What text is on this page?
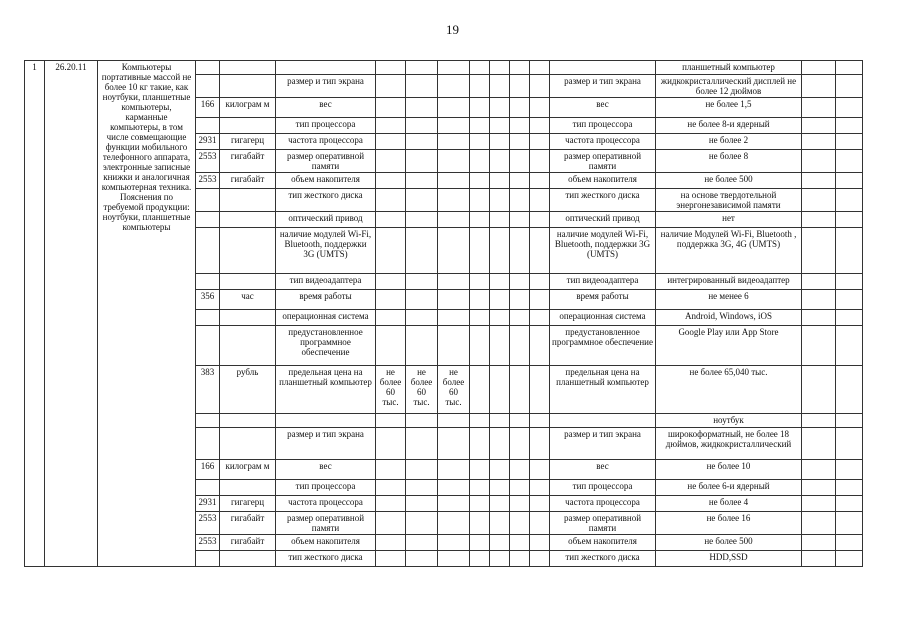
19
1	26.20.11	Компьютеры портативные массой не более 10 кг такие, как ноутбуки, планшетные компьютеры, карманные компьютеры, в том числе совмещающие функции мобильного телефонного аппарата, электронные записные книжки и аналогичная компьютерная техника. Пояснения по требуемой продукции: ноутбуки, планшетные компьютеры												планшетный компьютер		
					размер и тип экрана								размер и тип экрана	жидкокристаллический дисплей не более 12 дюймов		
			166	килограм м	вес								вес	не более 1,5		
					тип процессора								тип процессора	не более 8-и ядерный		
			2931	гигагерц	частота процессора								частота процессора	не более 2		
			2553	гигабайт	размер оперативной памяти								размер оперативной памяти	не более 8		
			2553	гигабайт	объем накопителя								объем накопителя	не более 500		
					тип жесткого диска								тип жесткого диска	на основе твердотельной энергонезависимой памяти		
					оптический привод								оптический привод	нет		
					наличие модулей Wi-Fi, Bluetooth, поддержки 3G (UMTS)								наличие модулей Wi-Fi, Bluetooth, поддержки 3G (UMTS)	наличие Модулей Wi-Fi, Bluetooth , поддержка 3G, 4G (UMTS)		
					тип видеоадаптера								тип видеоадаптера	интегрированный видеоадаптер		
			356	час	время работы								время работы	не менее 6		
					операционная система								операционная система	Android, Windows, iOS		
					предустановленное программное обеспечение								предустановленное программное обеспечение	Google Play или App Store		
			383	рубль	предельная цена на планшетный компьютер	не более 60 тыс.	не более 60 тыс.	не более 60 тыс.					предельная цена на планшетный компьютер	не более 65,040 тыс.		
														ноутбук		
					размер и тип экрана								размер и тип экрана	широкоформатный, не более 18 дюймов, жидкокристаллический		
			166	килограм м	вес								вес	не более 10		
					тип процессора								тип процессора	не более 6-и ядерный		
			2931	гигагерц	частота процессора								частота процессора	не более 4		
			2553	гигабайт	размер оперативной памяти								размер оперативной памяти	не более 16		
			2553	гигабайт	объем накопителя								объем накопителя	не более 500		
					тип жесткого диска								тип жесткого диска	HDD,SSD		
